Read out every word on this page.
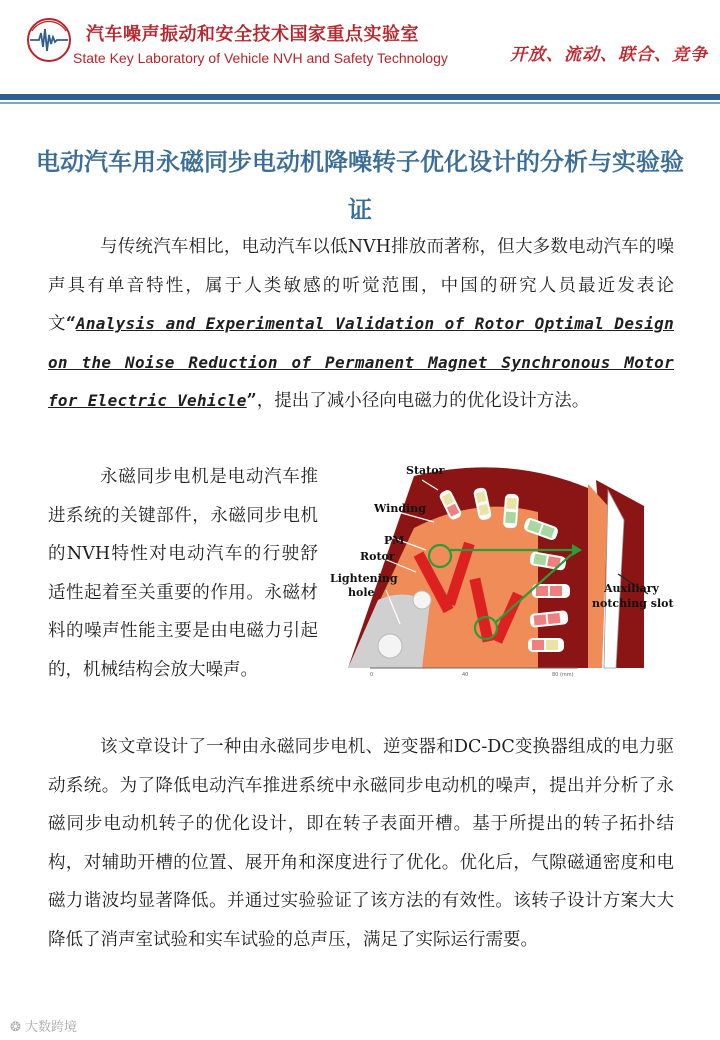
汽车噪声振动和安全技术国家重点实验室
State Key Laboratory of Vehicle NVH and Safety Technology	开放、流动、联合、竞争
电动汽车用永磁同步电动机降噪转子优化设计的分析与实验验证

与传统汽车相比，电动汽车以低NVH排放而著称，但大多数电动汽车的噪声具有单音特性，属于人类敏感的听觉范围，中国的研究人员最近发表论文“Analysis and Experimental Validation of Rotor Optimal Design on the Noise Reduction of Permanent Magnet Synchronous Motor for Electric Vehicle”，提出了减小径向电磁力的优化设计方法。

永磁同步电机是电动汽车推进系统的关键部件，永磁同步电机的NVH特性对电动汽车的行驶舒适性起着至关重要的作用。永磁材料的噪声性能主要是由电磁力引起的，机械结构会放大噪声。

Stator
Winding
PM
Rotor
Lightening
hole	Auxiliary
notching slot
0	40	80 (mm)

该文章设计了一种由永磁同步电机、逆变器和DC-DC变换器组成的电力驱动系统。为了降低电动汽车推进系统中永磁同步电动机的噪声，提出并分析了永磁同步电动机转子的优化设计，即在转子表面开槽。基于所提出的转子拓扑结构，对辅助开槽的位置、展开角和深度进行了优化。优化后，气隙磁通密度和电磁力谐波均显著降低。并通过实验验证了该方法的有效性。该转子设计方案大大降低了消声室试验和实车试验的总声压，满足了实际运行需要。

❂ 大数跨境
